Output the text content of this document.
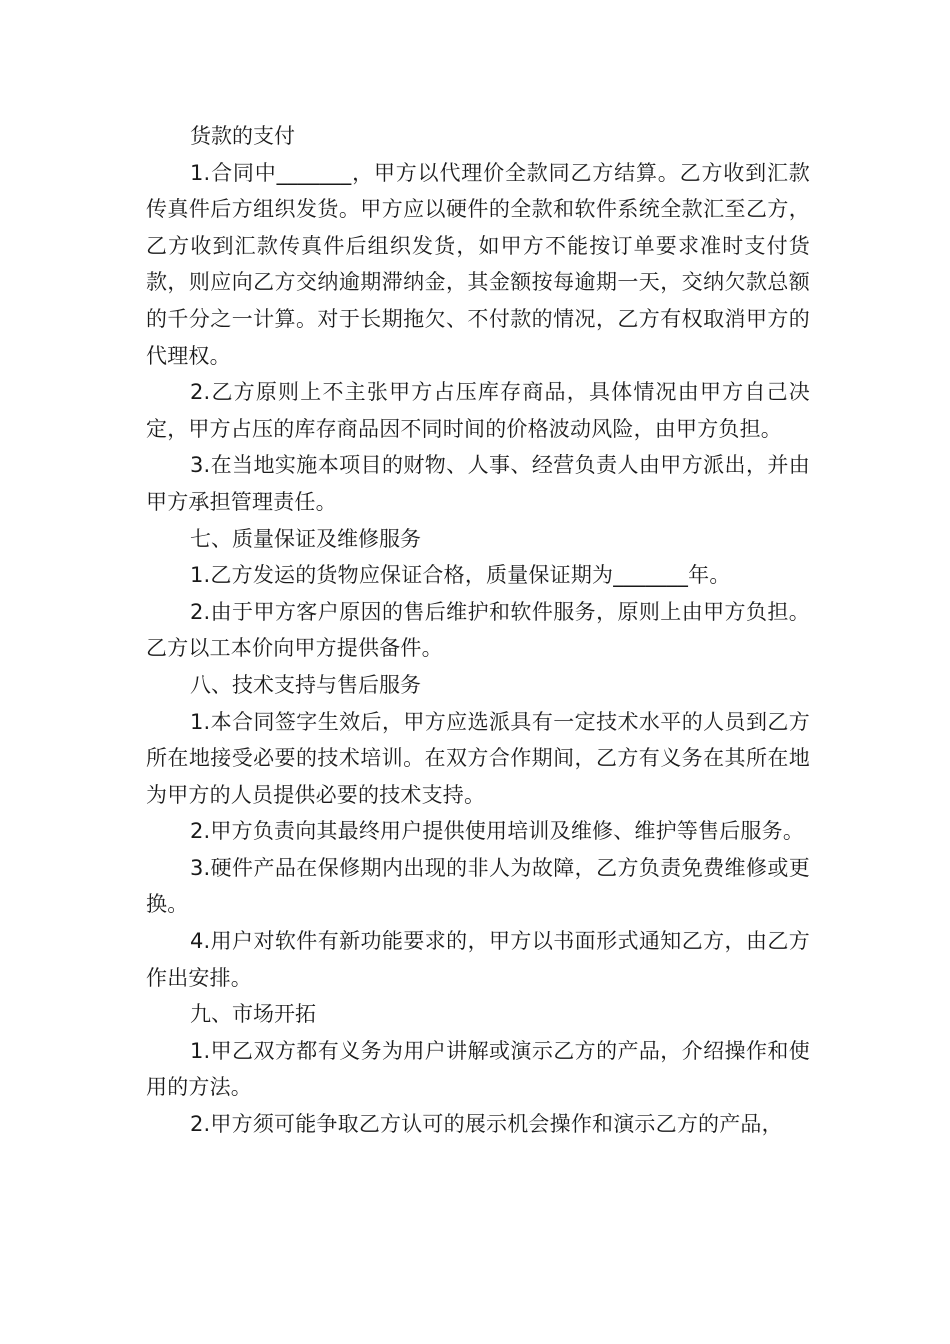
货款的支付

1.合同中_______，甲方以代理价全款同乙方结算。乙方收到汇款传真件后方组织发货。甲方应以硬件的全款和软件系统全款汇至乙方，乙方收到汇款传真件后组织发货，如甲方不能按订单要求准时支付货款，则应向乙方交纳逾期滞纳金，其金额按每逾期一天，交纳欠款总额的千分之一计算。对于长期拖欠、不付款的情况，乙方有权取消甲方的代理权。

2.乙方原则上不主张甲方占压库存商品，具体情况由甲方自己决定，甲方占压的库存商品因不同时间的价格波动风险，由甲方负担。

3.在当地实施本项目的财物、人事、经营负责人由甲方派出，并由甲方承担管理责任。

七、质量保证及维修服务

1.乙方发运的货物应保证合格，质量保证期为_______年。

2.由于甲方客户原因的售后维护和软件服务，原则上由甲方负担。乙方以工本价向甲方提供备件。

八、技术支持与售后服务

1.本合同签字生效后，甲方应选派具有一定技术水平的人员到乙方所在地接受必要的技术培训。在双方合作期间，乙方有义务在其所在地为甲方的人员提供必要的技术支持。

2.甲方负责向其最终用户提供使用培训及维修、维护等售后服务。

3.硬件产品在保修期内出现的非人为故障，乙方负责免费维修或更换。

4.用户对软件有新功能要求的，甲方以书面形式通知乙方，由乙方作出安排。

九、市场开拓

1.甲乙双方都有义务为用户讲解或演示乙方的产品，介绍操作和使用的方法。

2.甲方须可能争取乙方认可的展示机会操作和演示乙方的产品，
